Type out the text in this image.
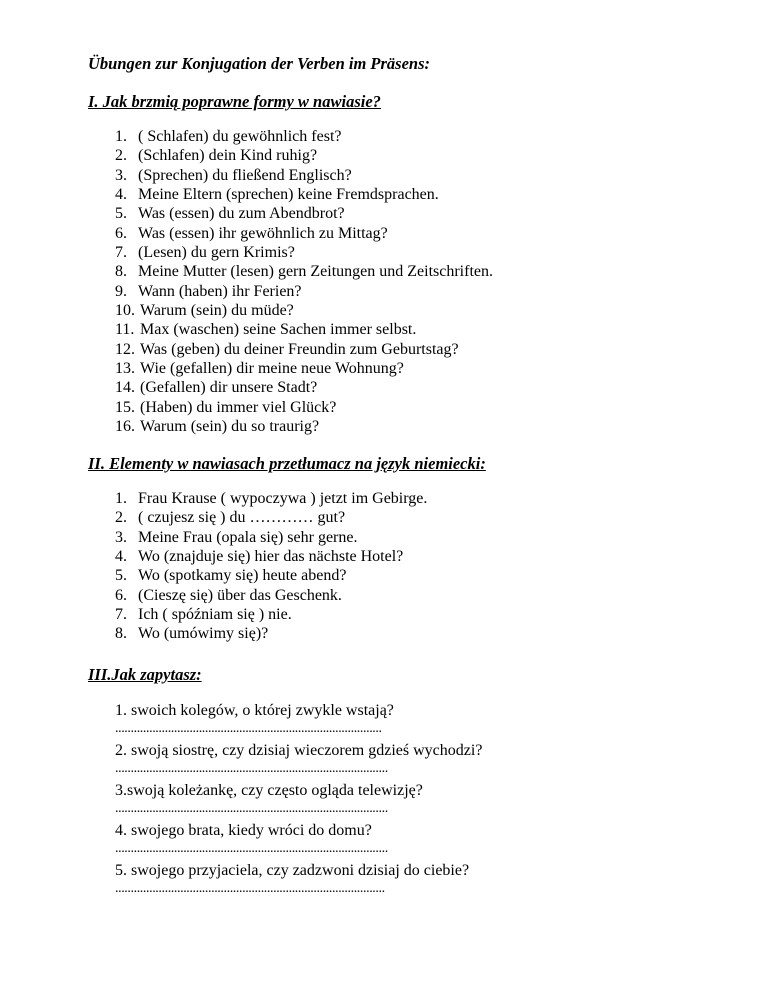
Übungen zur Konjugation der Verben im Präsens:
I. Jak brzmią poprawne formy w nawiasie?
1. ( Schlafen) du gewöhnlich fest?
2. (Schlafen) dein Kind ruhig?
3. (Sprechen) du fließend Englisch?
4. Meine Eltern (sprechen) keine Fremdsprachen.
5. Was (essen) du zum Abendbrot?
6. Was (essen) ihr gewöhnlich zu Mittag?
7. (Lesen) du gern Krimis?
8. Meine Mutter (lesen) gern Zeitungen und Zeitschriften.
9. Wann (haben) ihr Ferien?
10. Warum (sein) du müde?
11. Max (waschen) seine Sachen immer selbst.
12. Was (geben) du deiner Freundin zum Geburtstag?
13. Wie (gefallen) dir meine neue Wohnung?
14. (Gefallen) dir unsere Stadt?
15. (Haben) du immer viel Glück?
16. Warum (sein) du so traurig?
II. Elementy w nawiasach przetłumacz na język niemiecki:
1. Frau Krause ( wypoczywa ) jetzt im Gebirge.
2. ( czujesz się ) du ………… gut?
3. Meine Frau (opala się) sehr gerne.
4. Wo (znajduje się) hier das nächste Hotel?
5. Wo (spotkamy się) heute abend?
6. (Cieszę się) über das Geschenk.
7. Ich ( spóźniam się ) nie.
8. Wo (umówimy się)?
III.Jak zapytasz:
1. swoich kolegów, o której zwykle wstają?
......................................................................................
2. swoją siostrę, czy dzisiaj wieczorem gdzieś wychodzi?
........................................................................................
3.swoją koleżankę, czy często ogląda telewizję?
........................................................................................
4. swojego brata, kiedy wróci do domu?
........................................................................................
5. swojego przyjaciela, czy zadzwoni dzisiaj do ciebie?
.......................................................................................
